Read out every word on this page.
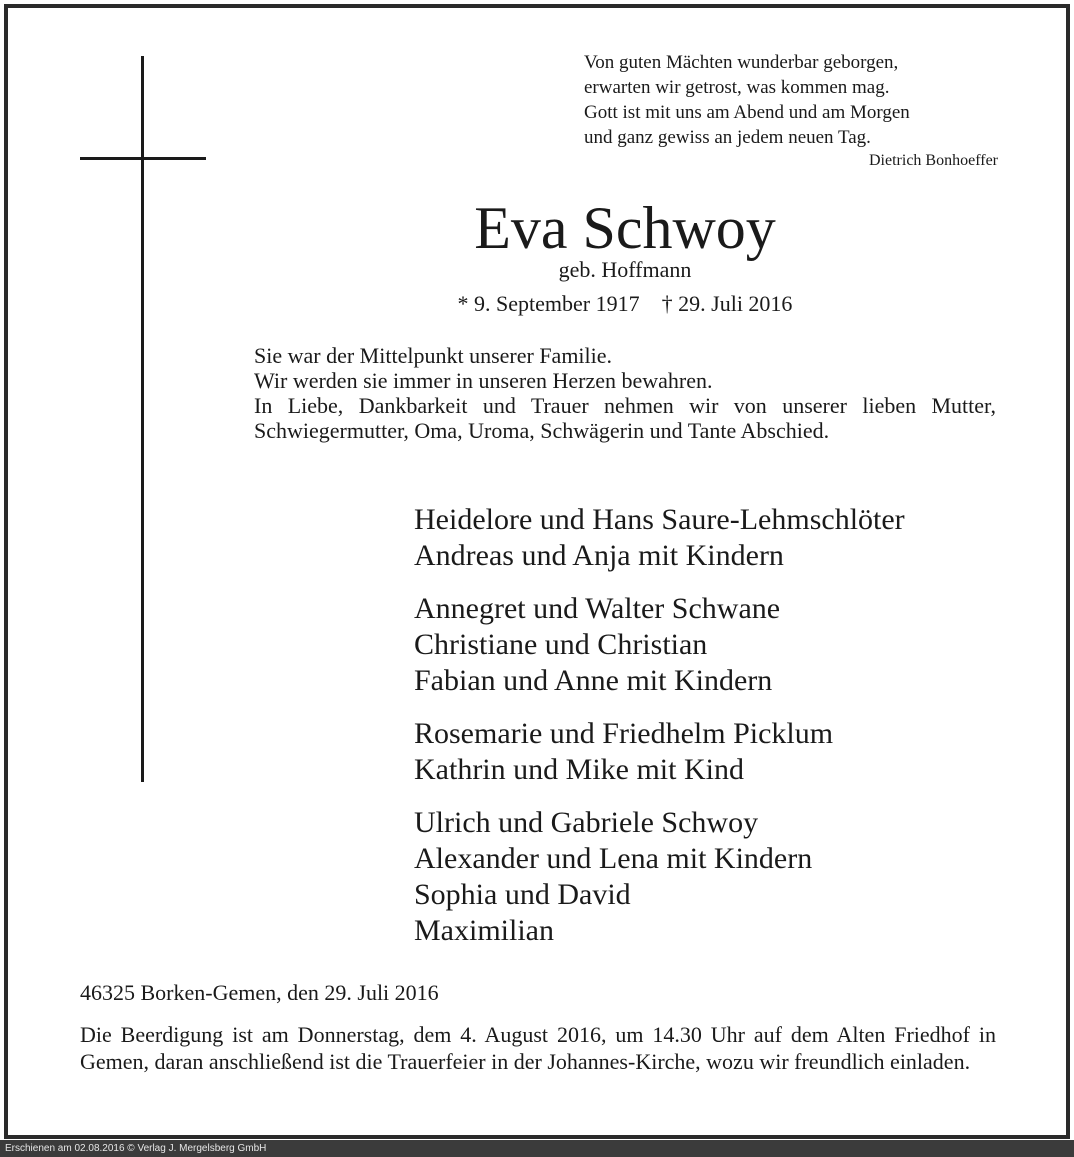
Von guten Mächten wunderbar geborgen,
erwarten wir getrost, was kommen mag.
Gott ist mit uns am Abend und am Morgen
und ganz gewiss an jedem neuen Tag.
Dietrich Bonhoeffer
Eva Schwoy
geb. Hoffmann
* 9. September 1917 † 29. Juli 2016
Sie war der Mittelpunkt unserer Familie.
Wir werden sie immer in unseren Herzen bewahren.
In Liebe, Dankbarkeit und Trauer nehmen wir von unserer lieben Mutter, Schwiegermutter, Oma, Uroma, Schwägerin und Tante Abschied.
Heidelore und Hans Saure-Lehmschlöter
Andreas und Anja mit Kindern
Annegret und Walter Schwane
Christiane und Christian
Fabian und Anne mit Kindern
Rosemarie und Friedhelm Picklum
Kathrin und Mike mit Kind
Ulrich und Gabriele Schwoy
Alexander und Lena mit Kindern
Sophia und David
Maximilian
46325 Borken-Gemen, den 29. Juli 2016
Die Beerdigung ist am Donnerstag, dem 4. August 2016, um 14.30 Uhr auf dem Alten Friedhof in Gemen, daran anschließend ist die Trauerfeier in der Johannes-Kirche, wozu wir freundlich einladen.
Erschienen am 02.08.2016 © Verlag J. Mergelsberg GmbH
